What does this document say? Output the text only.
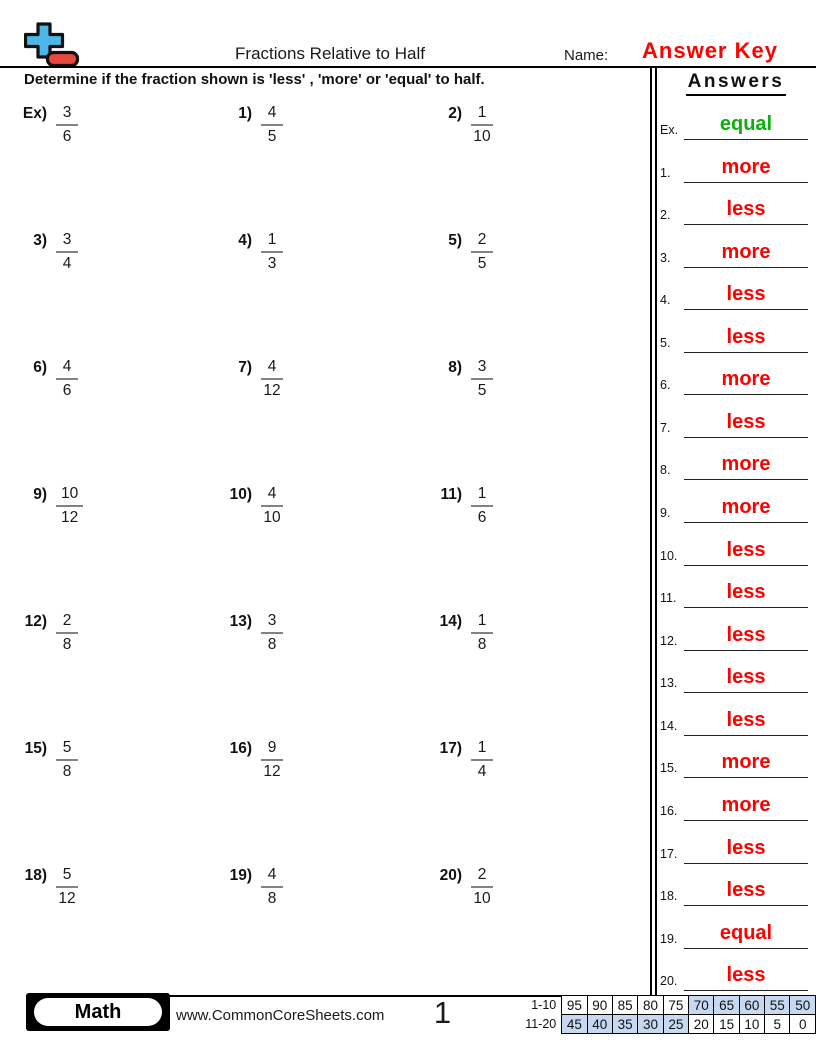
Fractions Relative to Half	Name:	Answer Key
Determine if the fraction shown is 'less' , 'more' or 'equal' to half.
$Ex) \frac{3}{6}$	$1) \frac{4}{5}$	$2) \frac{1}{10}$
$3) \frac{3}{4}$	$4) \frac{1}{3}$	$5) \frac{2}{5}$
$6) \frac{4}{6}$	$7) \frac{4}{12}$	$8) \frac{3}{5}$
$9) \frac{10}{12}$	$10) \frac{4}{10}$	$11) \frac{1}{6}$
$12) \frac{2}{8}$	$13) \frac{3}{8}$	$14) \frac{1}{8}$
$15) \frac{5}{8}$	$16) \frac{9}{12}$	$17) \frac{1}{4}$
$18) \frac{5}{12}$	$19) \frac{4}{8}$	$20) \frac{2}{10}$
Answers
Ex.	equal
1.	more
2.	less
3.	more
4.	less
5.	less
6.	more
7.	less
8.	more
9.	more
10.	less
11.	less
12.	less
13.	less
14.	less
15.	more
16.	more
17.	less
18.	less
19.	equal
20.	less
Math	www.CommonCoreSheets.com	1	1-10	95	90	85	80	75	70	65	60	55	50
11-20	45	40	35	30	25	20	15	10	5	0
